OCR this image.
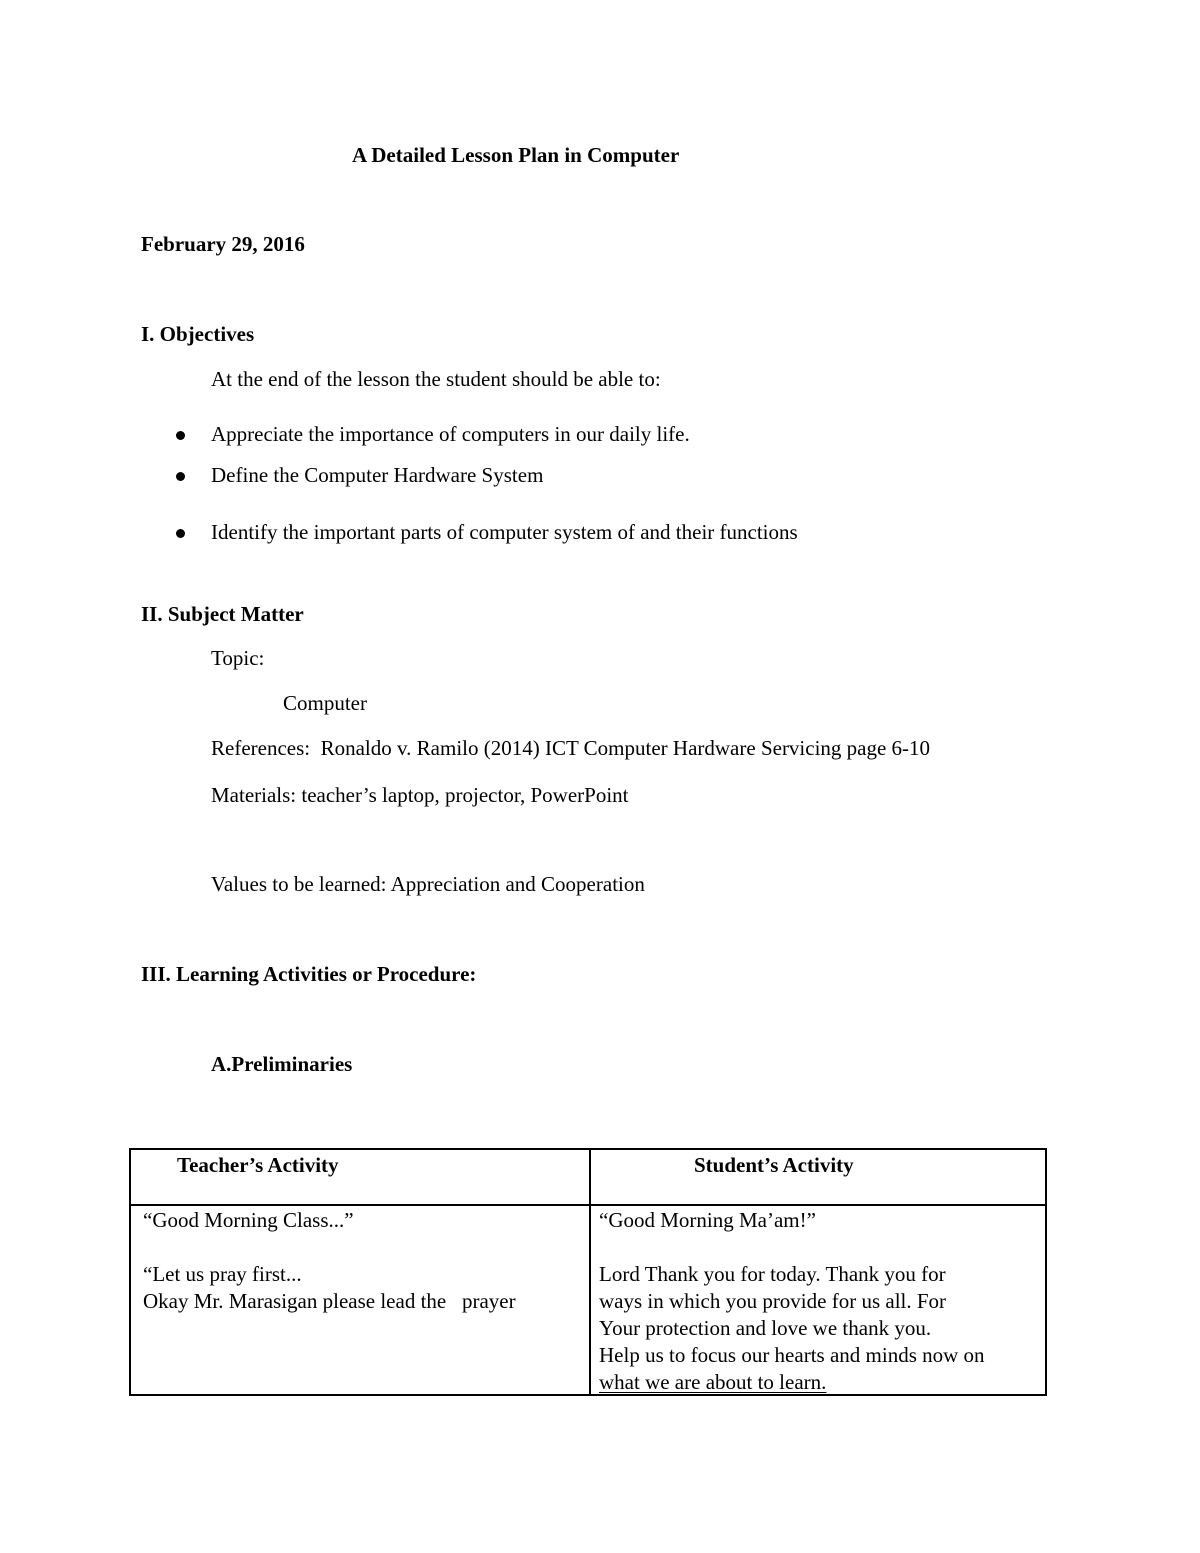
A Detailed Lesson Plan in Computer
February 29, 2016
I. Objectives
At the end of the lesson the student should be able to:
Appreciate the importance of computers in our daily life.
Define the Computer Hardware System
Identify the important parts of computer system of and their functions
II. Subject Matter
Topic:
Computer
References:  Ronaldo v. Ramilo (2014) ICT Computer Hardware Servicing page 6-10
Materials: teacher’s laptop, projector, PowerPoint
Values to be learned: Appreciation and Cooperation
III. Learning Activities or Procedure:
A.Preliminaries
Teacher’s Activity	Student’s Activity
“Good Morning Class...”
“Let us pray first...
Okay Mr. Marasigan please lead the   prayer
“Good Morning Ma’am!”
Lord Thank you for today. Thank you for
ways in which you provide for us all. For
Your protection and love we thank you.
Help us to focus our hearts and minds now on
what we are about to learn.
